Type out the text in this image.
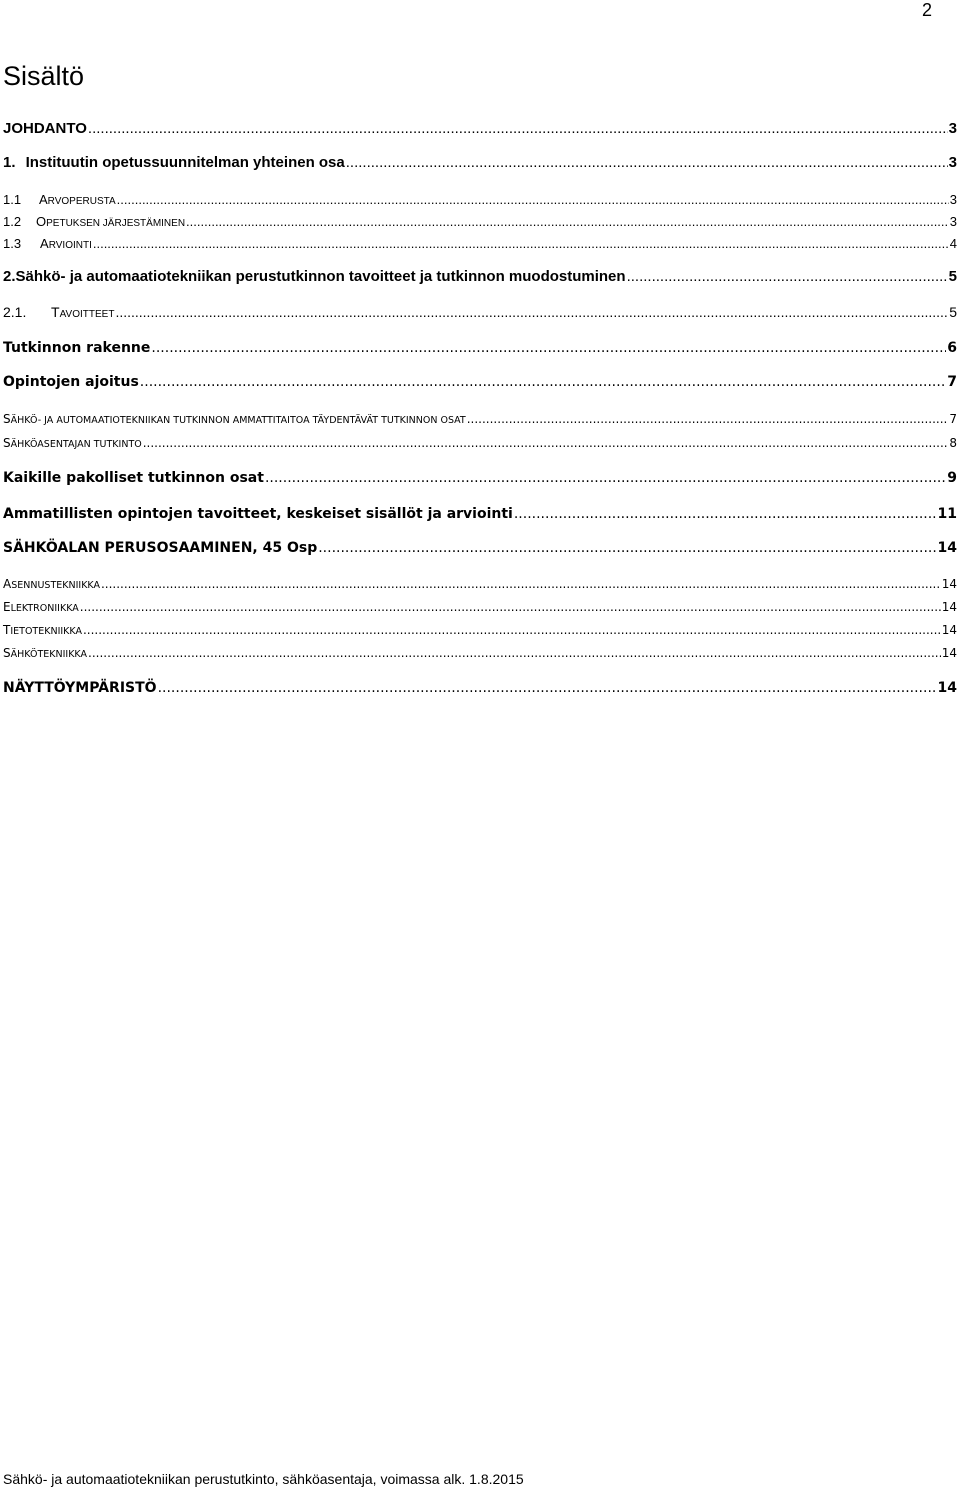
2
Sisältö
JOHDANTO .....	3
1. Instituutin opetussuunnitelman yhteinen osa .....	3
1.1	ARVOPERUSTA .....	3
1.2	OPETUKSEN JÄRJESTÄMINEN .....	3
1.3	ARVIOINTI .....	4
2. Sähkö- ja automaatiotekniikan perustutkinnon tavoitteet ja tutkinnon muodostuminen .....	5
2.1.	TAVOITTEET .....	5
Tutkinnon rakenne .....	6
Opintojen ajoitus .....	7
SÄHKÖ- JA AUTOMAATIOTEKNIIKAN TUTKINNON AMMATTITAITOA TÄYDENTÄVÄT TUTKINNON OSAT .....	7
SÄHKÖASENTAJAN TUTKINTO .....	8
Kaikille pakolliset tutkinnon osat .....	9
Ammatillisten opintojen tavoitteet, keskeiset sisällöt ja arviointi .....	11
SÄHKÖALAN PERUSOSAAMINEN, 45 Osp .....	14
ASENNUSTEKNIIKKA .....	14
ELEKTRONIIKKA .....	14
TIETOTEKNIIKKA .....	14
SÄHKÖTEKNIIKKA .....	14
NÄYTTÖYMPÄRISTÖ .....	14
Sähkö- ja automaatiotekniikan perustutkinto, sähköasentaja, voimassa alk. 1.8.2015
